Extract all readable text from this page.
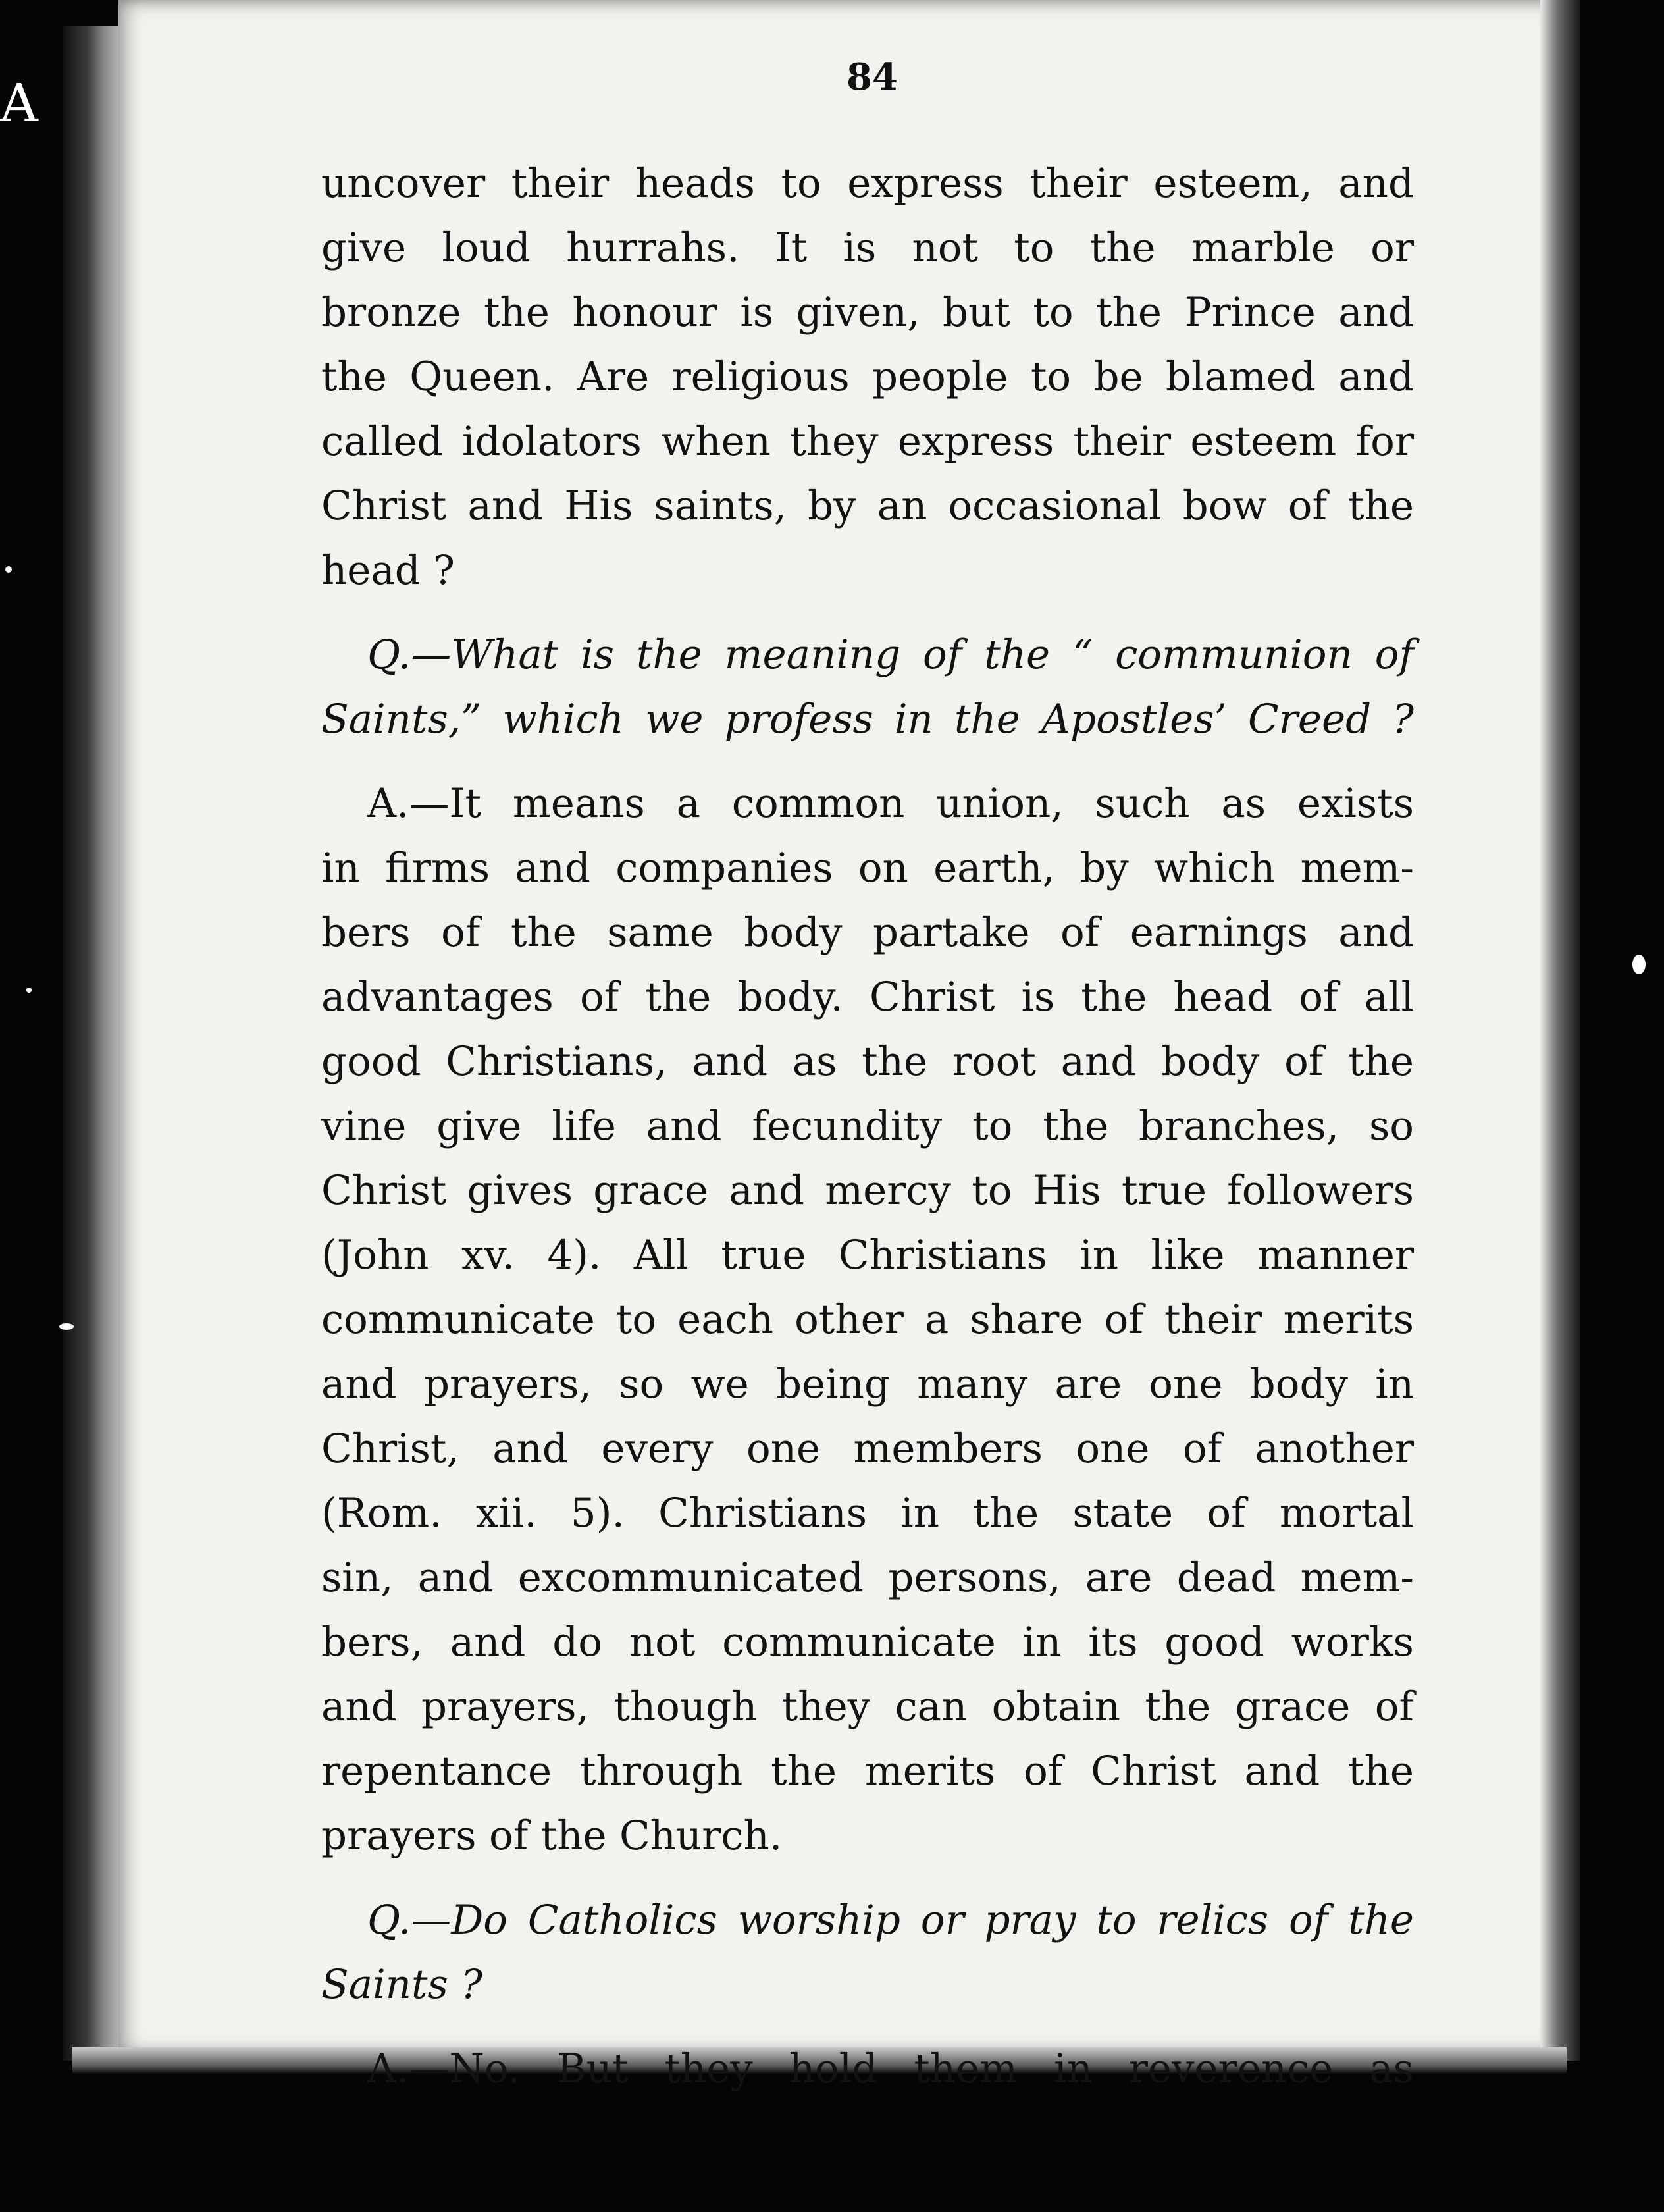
A	84
uncover their heads to express their esteem, and
give loud hurrahs. It is not to the marble or
bronze the honour is given, but to the Prince and
the Queen. Are religious people to be blamed and
called idolators when they express their esteem for
Christ and His saints, by an occasional bow of the
head ?
Q.—What is the meaning of the “ communion of
Saints,” which we profess in the Apostles’ Creed ?
A.—It means a common union, such as exists
in firms and companies on earth, by which mem-
bers of the same body partake of earnings and
advantages of the body. Christ is the head of all
good Christians, and as the root and body of the
vine give life and fecundity to the branches, so
Christ gives grace and mercy to His true followers
(John xv. 4). All true Christians in like manner
communicate to each other a share of their merits
and prayers, so we being many are one body in
Christ, and every one members one of another
(Rom. xii. 5). Christians in the state of mortal
sin, and excommunicated persons, are dead mem-
bers, and do not communicate in its good works
and prayers, though they can obtain the grace of
repentance through the merits of Christ and the
prayers of the Church.
Q.—Do Catholics worship or pray to relics of the
Saints ?
A.—No. But they hold them in reverence as
